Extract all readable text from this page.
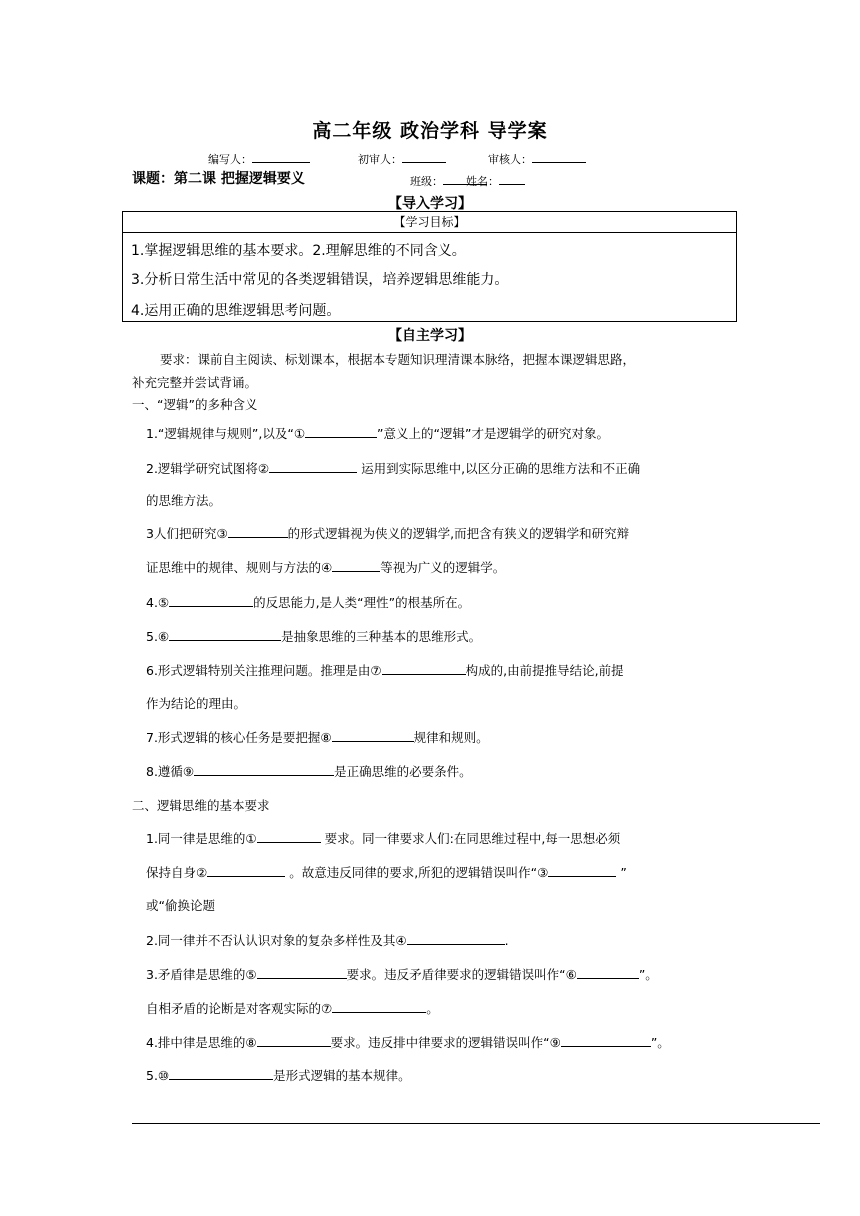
高二年级 政治学科 导学案
编写人：	初审人：	审核人：
课题：第二课 把握逻辑要义	班级：	姓名：
【导入学习】
【学习目标】
1.掌握逻辑思维的基本要求。2.理解思维的不同含义。
3.分析日常生活中常见的各类逻辑错误，培养逻辑思维能力。
4.运用正确的思维逻辑思考问题。
【自主学习】
要求：课前自主阅读、标划课本，根据本专题知识理清课本脉络，把握本课逻辑思路，
补充完整并尝试背诵。
一、“逻辑”的多种含义
1.“逻辑规律与规则”,以及“①	”意义上的“逻辑”才是逻辑学的研究对象。
2.逻辑学研究试图将②	运用到实际思维中,以区分正确的思维方法和不正确
的思维方法。
3人们把研究③	的形式逻辑视为侠义的逻辑学,而把含有狭义的逻辑学和研究辩
证思维中的规律、规则与方法的④	等视为广义的逻辑学。
4.⑤	的反思能力,是人类“理性”的根基所在。
5.⑥	是抽象思维的三种基本的思维形式。
6.形式逻辑特别关注推理问题。推理是由⑦	构成的,由前提推导结论,前提
作为结论的理由。
7.形式逻辑的核心任务是要把握⑧	规律和规则。
8.遵循⑨	是正确思维的必要条件。
二、逻辑思维的基本要求
1.同一律是思维的①	要求。同一律要求人们:在同思维过程中,每一思想必须
保持自身②	。故意违反同律的要求,所犯的逻辑错误叫作“③	”
或“偷换论题
2.同一律并不否认认识对象的复杂多样性及其④	.
3.矛盾律是思维的⑤	要求。违反矛盾律要求的逻辑错误叫作“⑥	”。
自相矛盾的论断是对客观实际的⑦	。
4.排中律是思维的⑧	要求。违反排中律要求的逻辑错误叫作“⑨	”。
5.⑩	是形式逻辑的基本规律。
